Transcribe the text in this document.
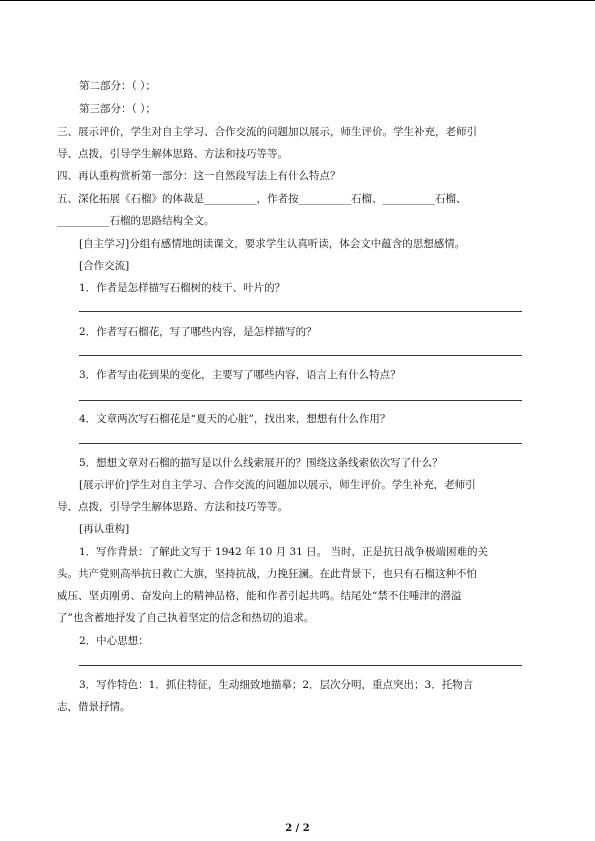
第二部分：（ ）；
第三部分：（ ）；
三、展示评价，学生对自主学习、合作交流的问题加以展示，师生评价。学生补充，老师引
导、点拨，引导学生解体思路、方法和技巧等等。
四、再认重构赏析第一部分：这一自然段写法上有什么特点？
五、深化拓展《石榴》的体裁是__________，作者按__________石榴、__________石榴、
__________石榴的思路结构全文。
[自主学习]分组有感情地朗读课文，要求学生认真听读，体会文中蕴含的思想感情。
[合作交流]
1．作者是怎样描写石榴树的枝干、叶片的？
2．作者写石榴花，写了哪些内容，是怎样描写的？
3．作者写由花到果的变化，主要写了哪些内容，语言上有什么特点？
4．文章两次写石榴花是“夏天的心脏”，找出来，想想有什么作用？
5．想想文章对石榴的描写是以什么线索展开的？围绕这条线索依次写了什么？
[展示评价]学生对自主学习、合作交流的问题加以展示，师生评价。学生补充，老师引
导、点拨，引导学生解体思路、方法和技巧等等。
[再认重构]
1．写作背景：了解此文写于 1942 年 10 月 31 日。 当时，正是抗日战争极端困难的关
头。共产党则高举抗日救亡大旗，坚持抗战，力挽狂澜。在此背景下，也只有石榴这种不怕
威压、坚贞刚勇、奋发向上的精神品格，能和作者引起共鸣。结尾处“禁不住唾津的潜溢
了”也含蓄地抒发了自己执着坚定的信念和热切的追求。
2．中心思想：
3．写作特色：1．抓住特征，生动细致地描摹；2．层次分明，重点突出；3．托物言
志，借景抒情。
2 / 2
